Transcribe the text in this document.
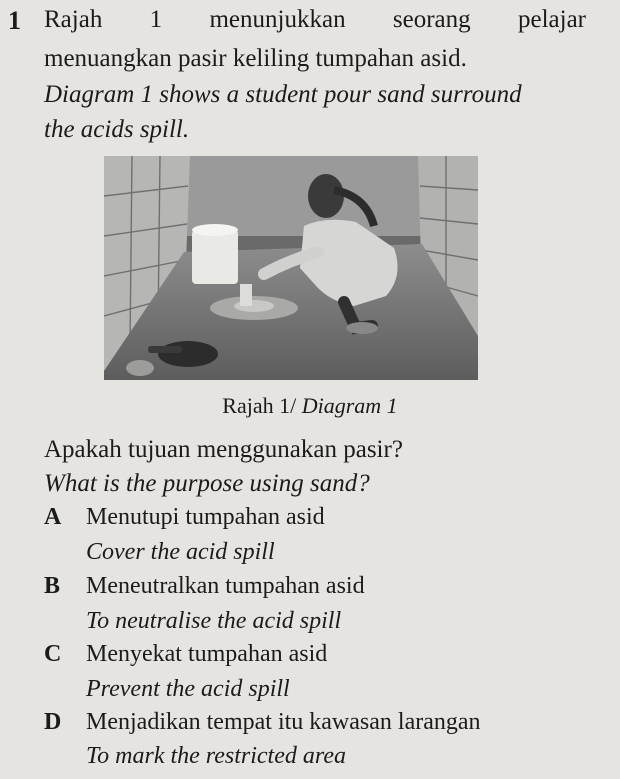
1 Rajah 1 menunjukkan seorang pelajar
menuangkan pasir keliling tumpahan asid.
Diagram 1 shows a student pour sand surround
the acids spill.
Rajah 1/ Diagram 1
Apakah tujuan menggunakan pasir?
What is the purpose using sand?
A Menutupi tumpahan asid
Cover the acid spill
B Meneutralkan tumpahan asid
To neutralise the acid spill
C Menyekat tumpahan asid
Prevent the acid spill
D Menjadikan tempat itu kawasan larangan
To mark the restricted area
